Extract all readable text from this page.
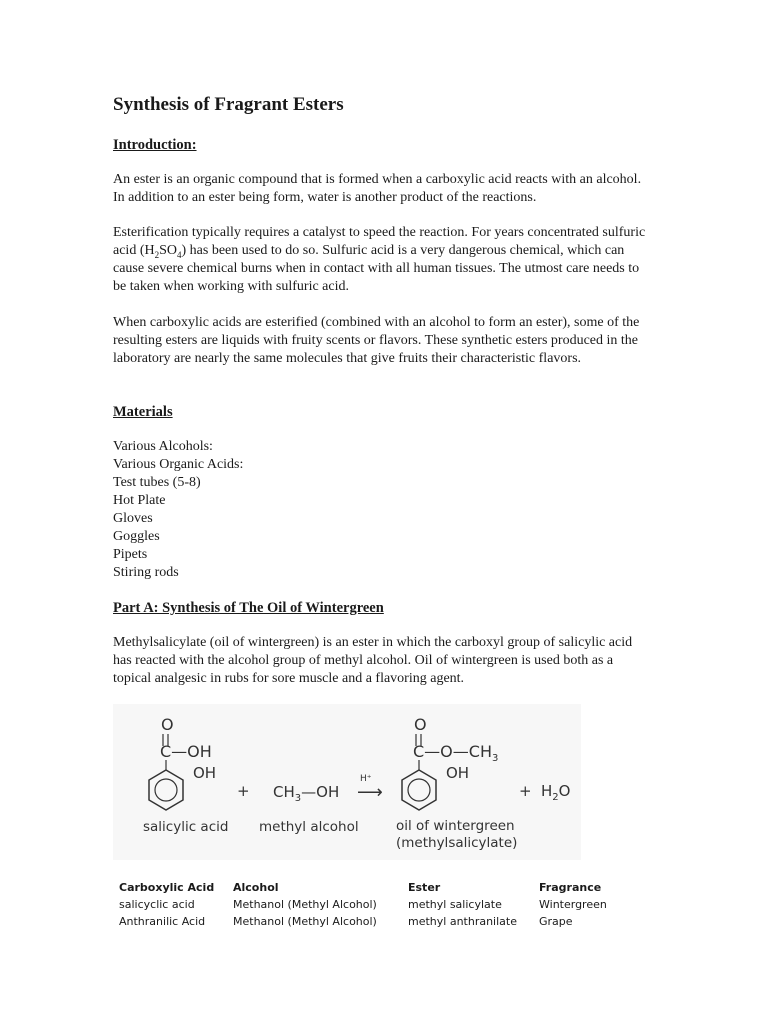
Synthesis of Fragrant Esters
Introduction:

An ester is an organic compound that is formed when a carboxylic acid reacts with an alcohol. In addition to an ester being form, water is another product of the reactions.

Esterification typically requires a catalyst to speed the reaction. For years concentrated sulfuric acid $(H_2SO_4)$ has been used to do so. Sulfuric acid is a very dangerous chemical, which can cause severe chemical burns when in contact with all human tissues. The utmost care needs to be taken when working with sulfuric acid.

When carboxylic acids are esterified (combined with an alcohol to form an ester), some of the resulting esters are liquids with fruity scents or flavors. These synthetic esters produced in the laboratory are nearly the same molecules that give fruits their characteristic flavors.

Materials
Various Alcohols:
Various Organic Acids:
Test tubes (5-8)
Hot Plate
Gloves
Goggles
Pipets
Stiring rods
Part A: Synthesis of The Oil of Wintergreen

Methylsalicylate (oil of wintergreen) is an ester in which the carboxyl group of salicylic acid has reacted with the alcohol group of methyl alcohol. Oil of wintergreen is used both as a topical analgesic in rubs for sore muscle and a flavoring agent.

O
C—OH
OH
salicylic acid
+ $CH_3—OH$
methyl alcohol
H⁺
⟶
O
$C—O—CH_3$
OH
oil of wintergreen
(methylsalicylate)
+ $H_2O$
Carboxylic Acid	Alcohol	Ester	Fragrance
salicyclic acid	Methanol (Methyl Alcohol)	methyl salicylate	Wintergreen
Anthranilic Acid	Methanol (Methyl Alcohol)	methyl anthranilate	Grape
